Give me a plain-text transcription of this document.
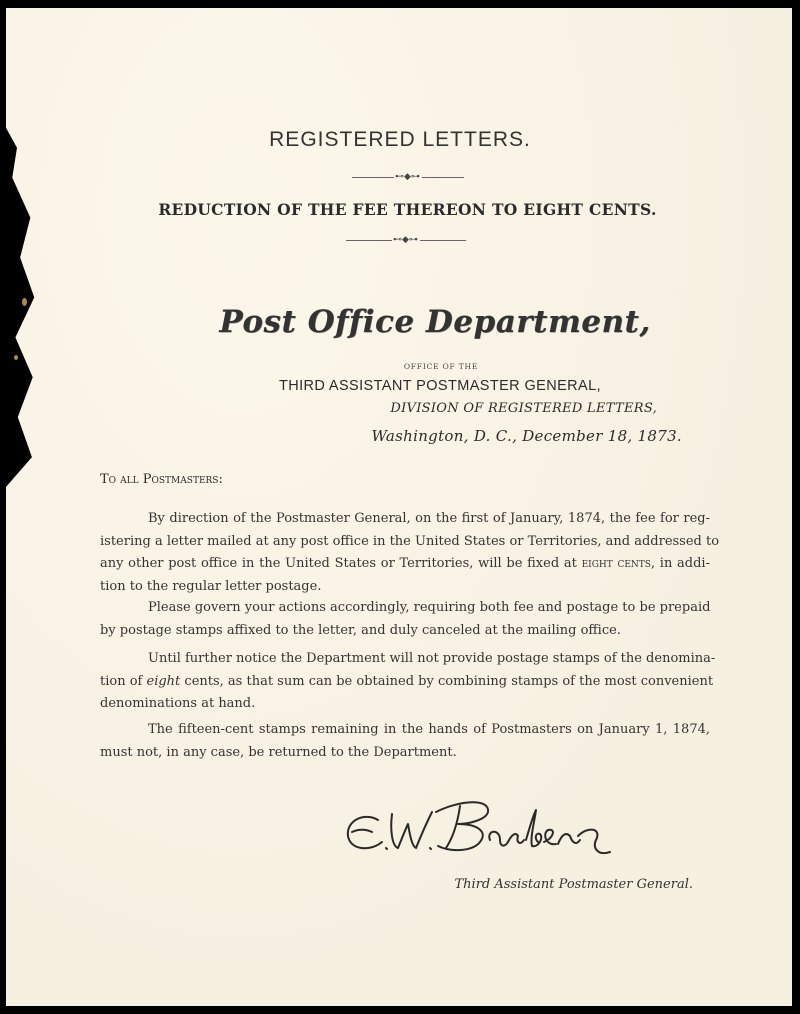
REGISTERED LETTERS.
⊷◆⊶
REDUCTION OF THE FEE THEREON TO EIGHT CENTS.
⊷◆⊶
Post Office Department,
OFFICE OF THE
THIRD ASSISTANT POSTMASTER GENERAL,
DIVISION OF REGISTERED LETTERS,
Washington, D. C., December 18, 1873.
To all Postmasters:
By direction of the Postmaster General, on the first of January, 1874, the fee for reg-
istering a letter mailed at any post office in the United States or Territories, and addressed to
any other post office in the United States or Territories, will be fixed at eight cents, in addi-
tion to the regular letter postage.
Please govern your actions accordingly, requiring both fee and postage to be prepaid
by postage stamps affixed to the letter, and duly canceled at the mailing office.
Until further notice the Department will not provide postage stamps of the denomina-
tion of eight cents, as that sum can be obtained by combining stamps of the most convenient
denominations at hand.
The fifteen-cent stamps remaining in the hands of Postmasters on January 1, 1874,
must not, in any case, be returned to the Department.
Third Assistant Postmaster General.
